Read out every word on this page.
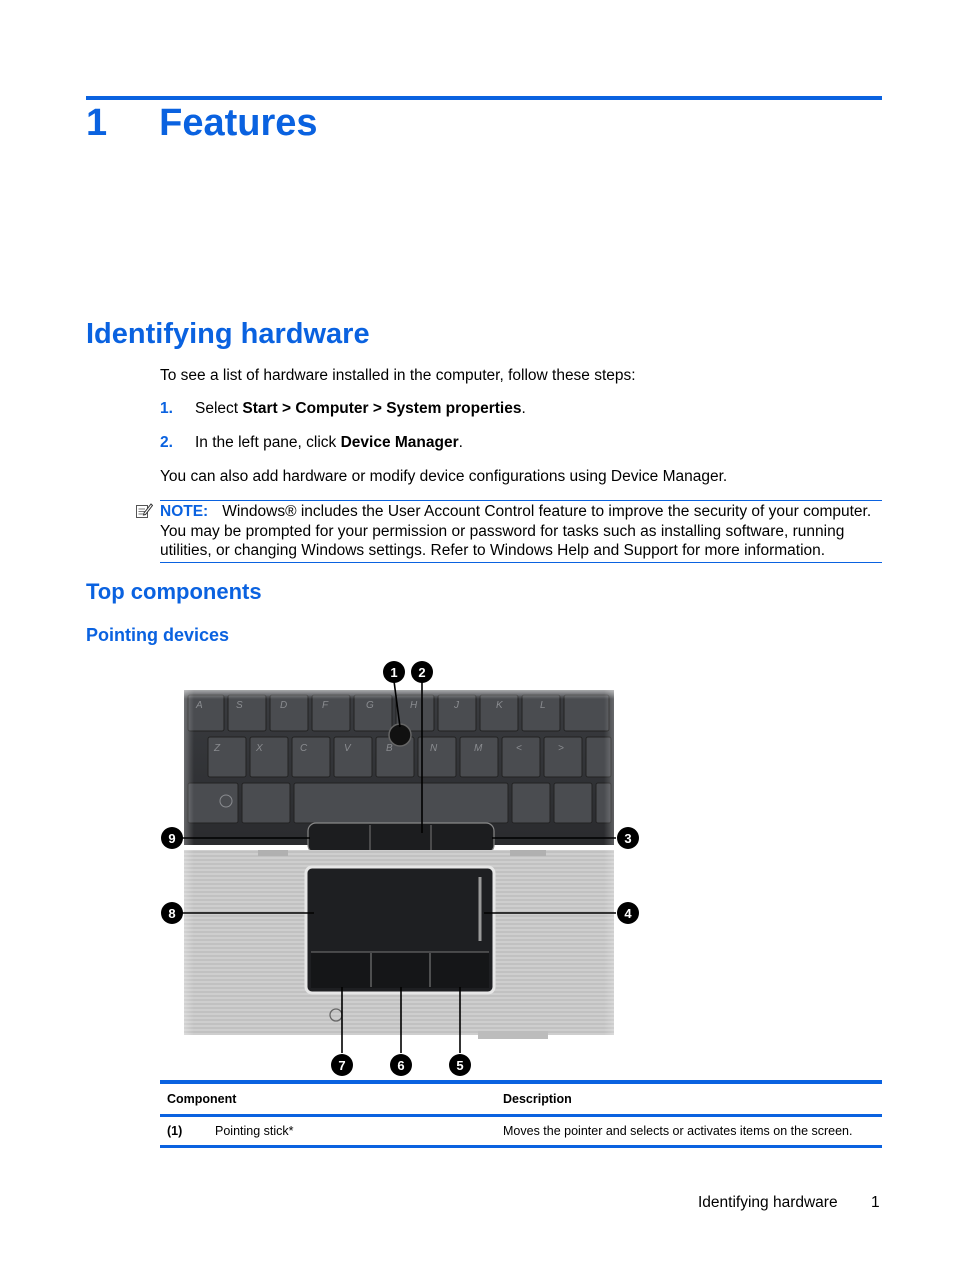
1 Features
Identifying hardware
To see a list of hardware installed in the computer, follow these steps:
1. Select Start > Computer > System properties.
2. In the left pane, click Device Manager.
You can also add hardware or modify device configurations using Device Manager.
NOTE: Windows® includes the User Account Control feature to improve the security of your computer. You may be prompted for your permission or password for tasks such as installing software, running utilities, or changing Windows settings. Refer to Windows Help and Support for more information.
Top components
Pointing devices
A	S	D	F	G	H	J	K	L
Z	X	C	V	B	N	M	<	>
1 2
3
4
5
6
7
8
9
Component	Description
(1)	Pointing stick*	Moves the pointer and selects or activates items on the screen.
Identifying hardware 1
